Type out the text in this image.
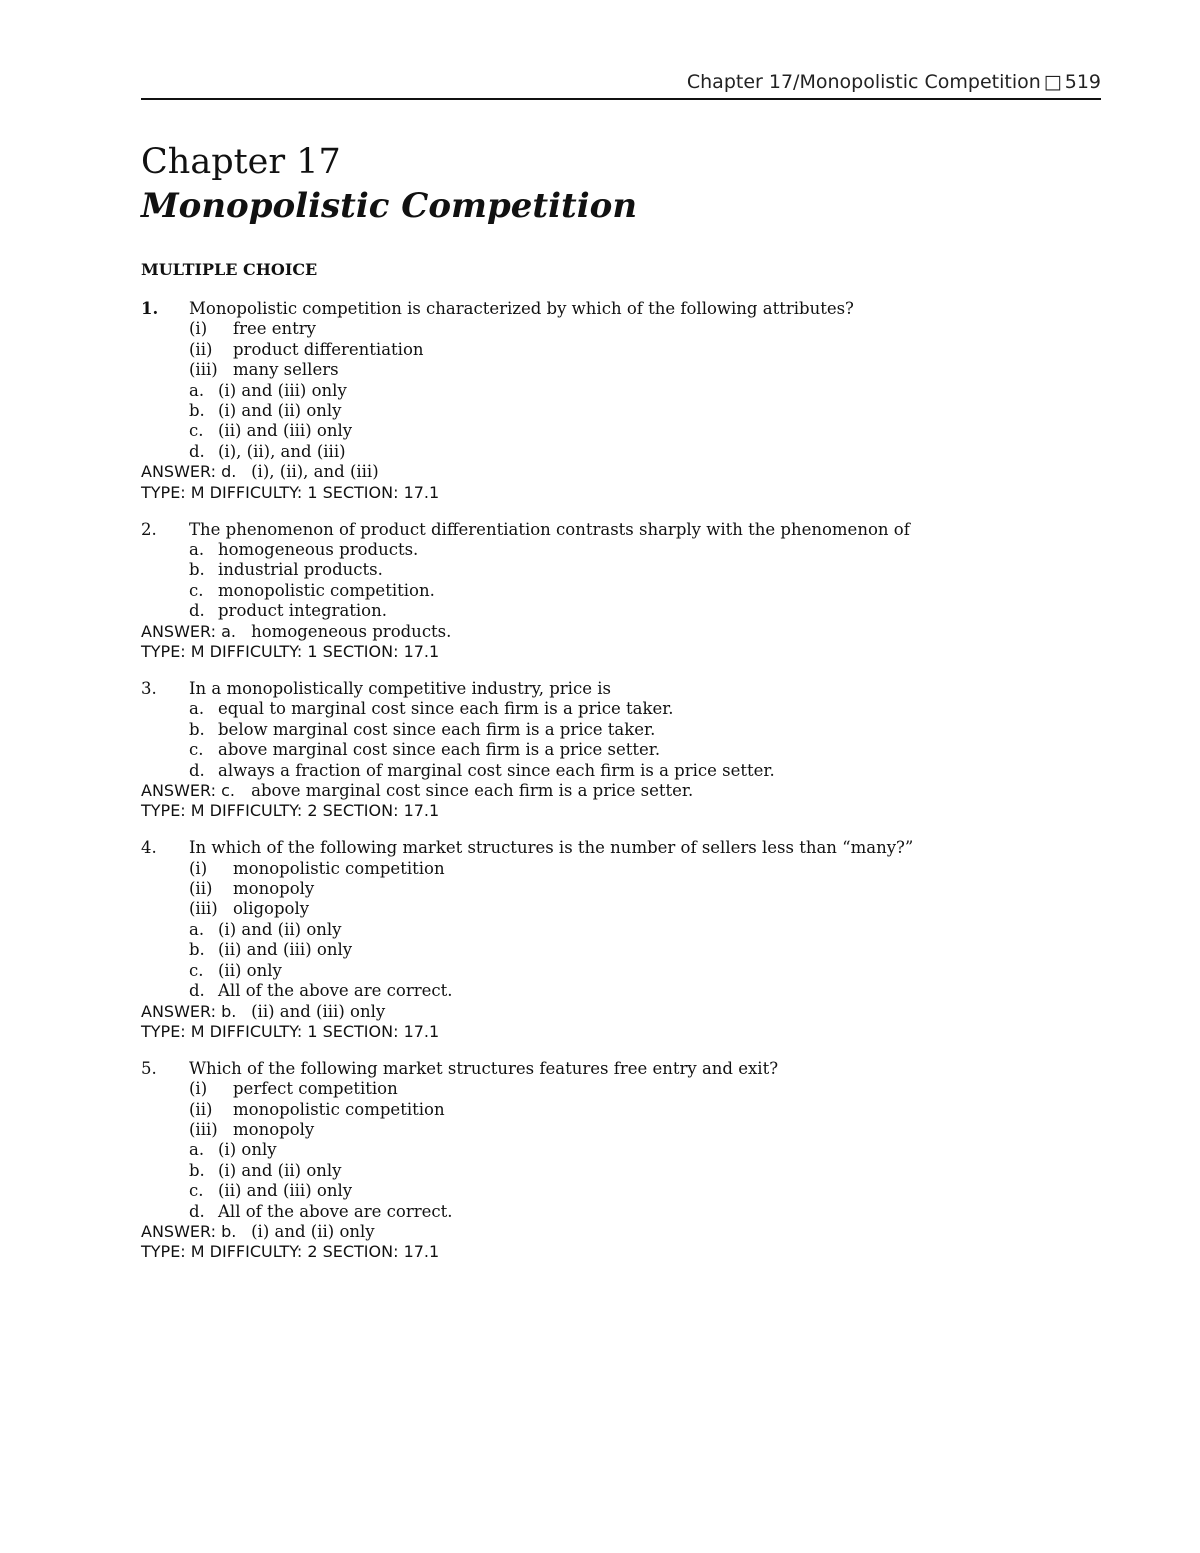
Chapter 17/Monopolistic Competition □ 519
Chapter 17
Monopolistic Competition
MULTIPLE CHOICE
1.	Monopolistic competition is characterized by which of the following attributes?
(i) free entry
(ii) product differentiation
(iii) many sellers
a. (i) and (iii) only
b. (i) and (ii) only
c. (ii) and (iii) only
d. (i), (ii), and (iii)
ANSWER: d. (i), (ii), and (iii)
TYPE: M DIFFICULTY: 1 SECTION: 17.1
2.	The phenomenon of product differentiation contrasts sharply with the phenomenon of
a. homogeneous products.
b. industrial products.
c. monopolistic competition.
d. product integration.
ANSWER: a. homogeneous products.
TYPE: M DIFFICULTY: 1 SECTION: 17.1
3.	In a monopolistically competitive industry, price is
a. equal to marginal cost since each firm is a price taker.
b. below marginal cost since each firm is a price taker.
c. above marginal cost since each firm is a price setter.
d. always a fraction of marginal cost since each firm is a price setter.
ANSWER: c. above marginal cost since each firm is a price setter.
TYPE: M DIFFICULTY: 2 SECTION: 17.1
4.	In which of the following market structures is the number of sellers less than “many?”
(i) monopolistic competition
(ii) monopoly
(iii) oligopoly
a. (i) and (ii) only
b. (ii) and (iii) only
c. (ii) only
d. All of the above are correct.
ANSWER: b. (ii) and (iii) only
TYPE: M DIFFICULTY: 1 SECTION: 17.1
5.	Which of the following market structures features free entry and exit?
(i) perfect competition
(ii) monopolistic competition
(iii) monopoly
a. (i) only
b. (i) and (ii) only
c. (ii) and (iii) only
d. All of the above are correct.
ANSWER: b. (i) and (ii) only
TYPE: M DIFFICULTY: 2 SECTION: 17.1
